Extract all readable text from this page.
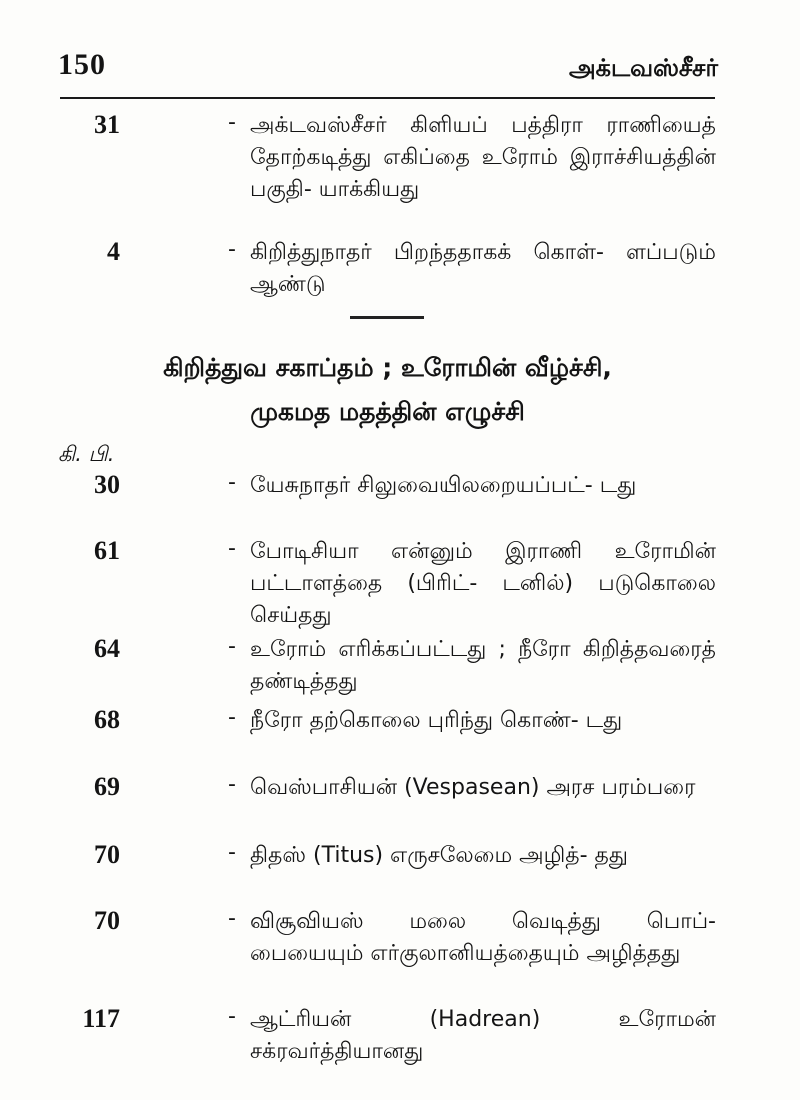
150	அக்டவஸ்சீசர்
31	- அக்டவஸ்சீசர் கிளியப் பத்திரா ராணியைத் தோற்கடித்து எகிப்தை உரோம் இராச்சியத்தின் பகுதி- யாக்கியது
4	- கிறித்துநாதர் பிறந்ததாகக் கொள்- ளப்படும் ஆண்டு
கிறித்துவ சகாப்தம் ; உரோமின் வீழ்ச்சி,
முகமத மதத்தின் எழுச்சி
கி. பி.
30	- யேசுநாதர் சிலுவையிலறையப்பட்- டது
61	- போடிசியா என்னும் இராணி உரோமின் பட்டாளத்தை (பிரிட்- டனில்) படுகொலை செய்தது
64	- உரோம் எரிக்கப்பட்டது ; நீரோ கிறித்தவரைத் தண்டித்தது
68	- நீரோ தற்கொலை புரிந்து கொண்- டது
69	- வெஸ்பாசியன் (Vespasean) அரச பரம்பரை
70	- திதஸ் (Titus) எருசலேமை அழித்- தது
70	- விசூவியஸ் மலை வெடித்து பொப்- பையையும் எர்குலானியத்தையும் அழித்தது
117	- ஆட்ரியன் (Hadrean) உரோமன் சக்ரவர்த்தியானது
